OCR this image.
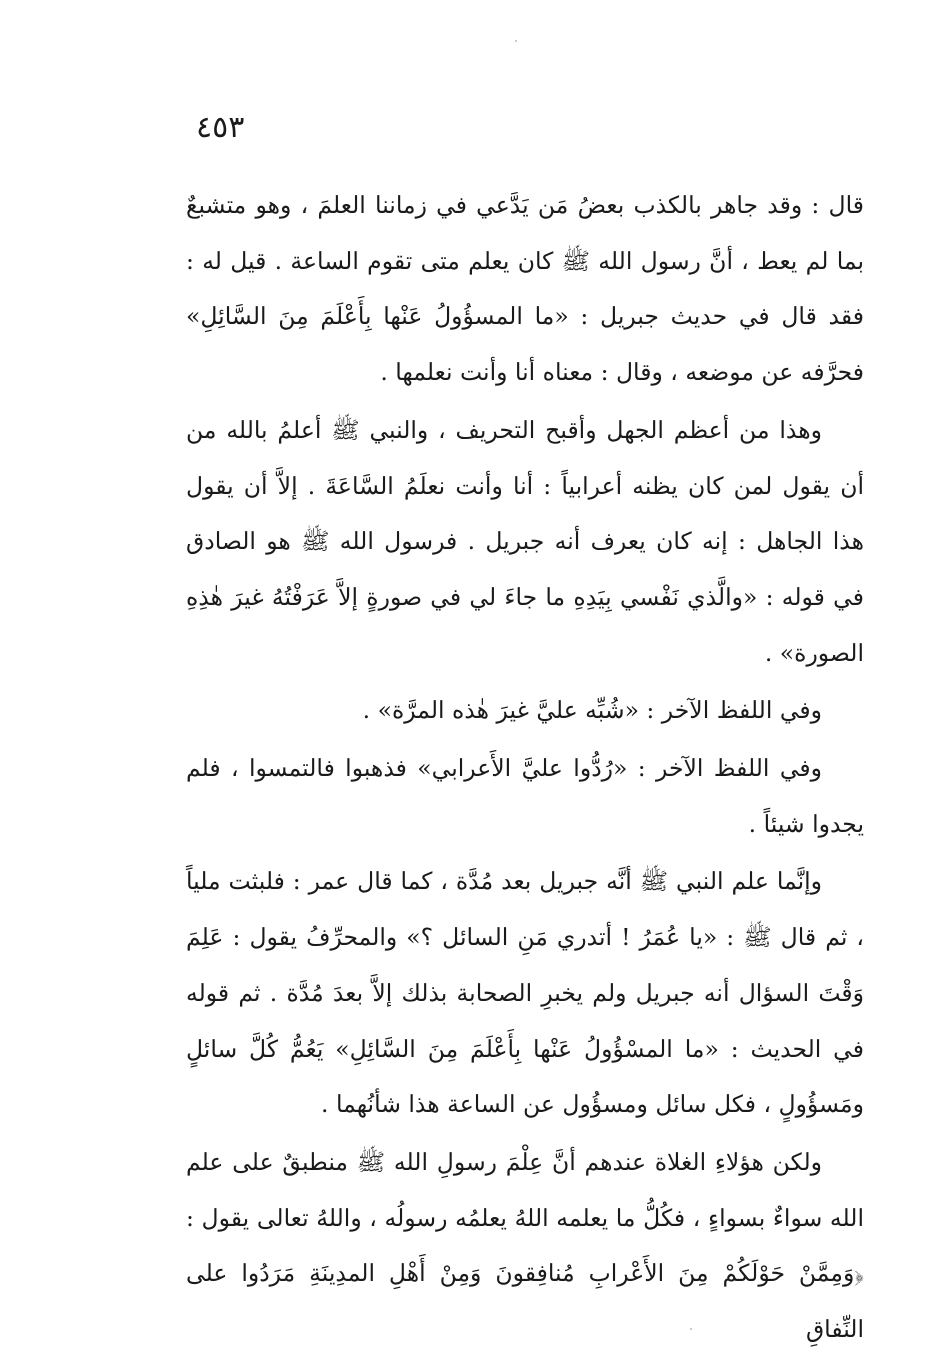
٤٥٣

قال : وقد جاهر بالكذب بعضُ مَن يَدَّعي في زماننا العلمَ ، وهو متشبعٌ بما لم يعط ، أنَّ رسول الله ﷺ كان يعلم متى تقوم الساعة . قيل له : فقد قال في حديث جبريل : «ما المسؤُولُ عَنْها بِأَعْلَمَ مِنَ السَّائِلِ» فحرَّفه عن موضعه ، وقال : معناه أنا وأنت نعلمها .

وهذا من أعظم الجهل وأقبح التحريف ، والنبي ﷺ أعلمُ بالله من أن يقول لمن كان يظنه أعرابياً : أنا وأنت نعلَمُ السَّاعَةَ . إلاَّ أن يقول هذا الجاهل : إنه كان يعرف أنه جبريل . فرسول الله ﷺ هو الصادق في قوله : «والَّذي نَفْسي بِيَدِهِ ما جاءَ لي في صورةٍ إلاَّ عَرَفْتُهُ غيرَ هٰذِهِ الصورة» .

وفي اللفظ الآخر : «شُبِّه عليَّ غيرَ هٰذه المرَّة» .

وفي اللفظ الآخر : «رُدُّوا عليَّ الأَعرابي» فذهبوا فالتمسوا ، فلم يجدوا شيئاً .

وإنَّما علم النبي ﷺ أنَّه جبريل بعد مُدَّة ، كما قال عمر : فلبثت ملياً ، ثم قال ﷺ : «يا عُمَرُ ! أتدري مَنِ السائل ؟» والمحرِّفُ يقول : عَلِمَ وَقْتَ السؤال أنه جبريل ولم يخبرِ الصحابة بذلك إلاَّ بعدَ مُدَّة . ثم قوله في الحديث : «ما المسْؤُولُ عَنْها بِأَعْلَمَ مِنَ السَّائِلِ» يَعُمُّ كُلَّ سائلٍ ومَسؤُولٍ ، فكل سائل ومسؤُول عن الساعة هذا شأنُهما .

ولكن هؤلاءِ الغلاة عندهم أنَّ عِلْمَ رسولِ الله ﷺ منطبقٌ على علم الله سواءٌ بسواءٍ ، فكُلُّ ما يعلمه اللهُ يعلمُه رسولُه ، واللهُ تعالى يقول : ﴿وَمِمَّنْ حَوْلَكُمْ مِنَ الأَعْرابِ مُنافِقونَ وَمِنْ أَهْلِ المدِينَةِ مَرَدُوا على النِّفاقِ
